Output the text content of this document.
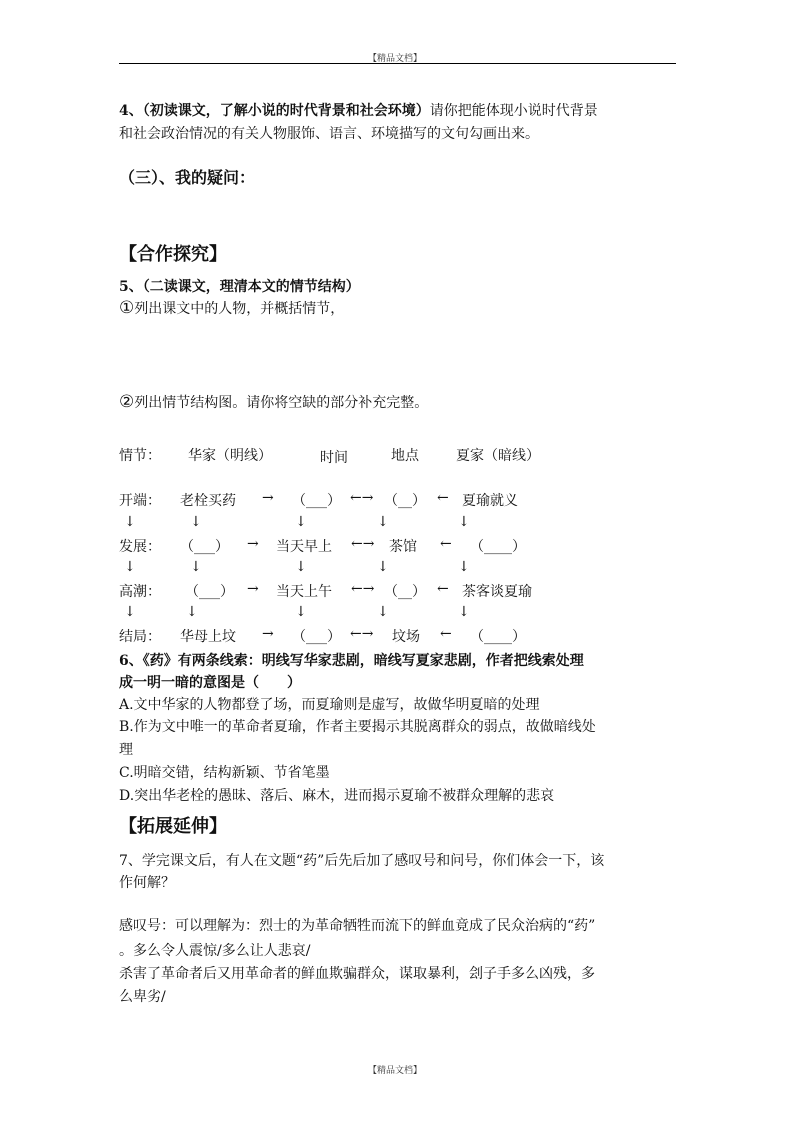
【精品文档】
4、（初读课文，了解小说的时代背景和社会环境）请你把能体现小说时代背景
和社会政治情况的有关人物服饰、语言、环境描写的文句勾画出来。
（三）、我的疑问：
【合作探究】
5、（二读课文，理清本文的情节结构）
①列出课文中的人物，并概括情节，
②列出情节结构图。请你将空缺的部分补充完整。
情节： 华家（明线）	时间	地点	夏家（暗线）
开端： 老栓买药 → （___） ←→ （__） ← 夏瑜就义
↓	↓	↓	↓	↓
发展： （___） → 当天早上 ←→ 茶馆 ← （____）
↓	↓	↓	↓	↓
高潮： （___） → 当天上午 ←→ （__） ← 茶客谈夏瑜
↓	↓	↓	↓	↓
结局： 华母上坟 → （___） ←→ 坟场 ← （____）
6、《药》有两条线索：明线写华家悲剧，暗线写夏家悲剧，作者把线索处理
成一明一暗的意图是（　　）
A.文中华家的人物都登了场，而夏瑜则是虚写，故做华明夏暗的处理
B.作为文中唯一的革命者夏瑜，作者主要揭示其脱离群众的弱点，故做暗线处
理
C.明暗交错，结构新颖、节省笔墨
D.突出华老栓的愚昧、落后、麻木，进而揭示夏瑜不被群众理解的悲哀
【拓展延伸】
7、学完课文后，有人在文题“药”后先后加了感叹号和问号，你们体会一下，该
作何解？
感叹号：可以理解为：烈士的为革命牺牲而流下的鲜血竟成了民众治病的“药”
。多么令人震惊/多么让人悲哀/
杀害了革命者后又用革命者的鲜血欺骗群众，谋取暴利，刽子手多么凶残，多
么卑劣/
【精品文档】
